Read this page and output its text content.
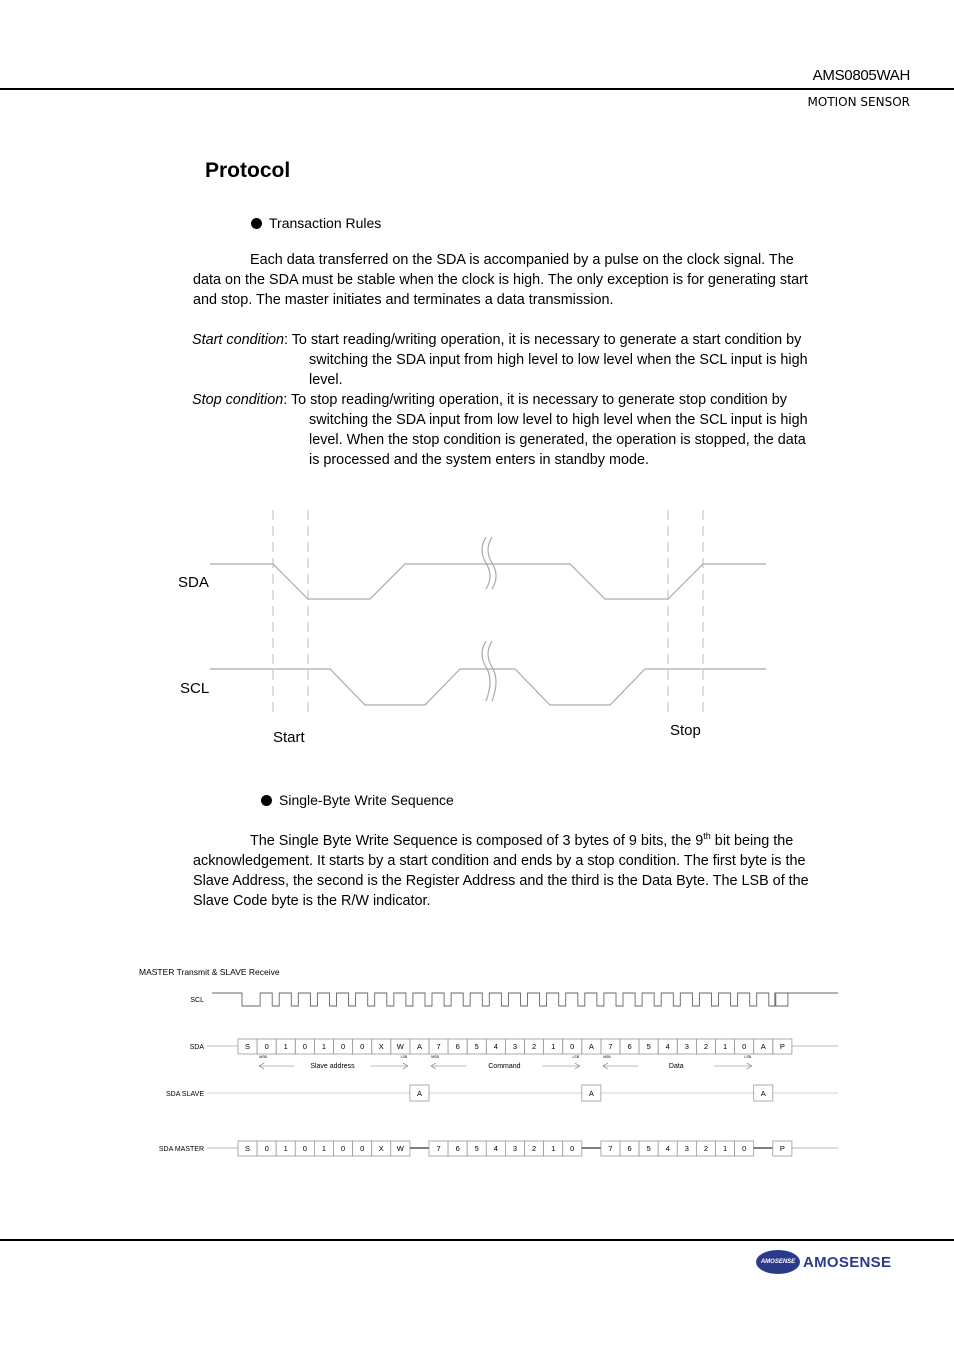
AMS0805WAH
MOTION SENSOR
Protocol
Transaction Rules

Each data transferred on the SDA is accompanied by a pulse on the clock signal. The

data on the SDA must be stable when the clock is high. The only exception is for generating start

and stop. The master initiates and terminates a data transmission.

Start condition: To start reading/writing operation, it is necessary to generate a start condition by
switching the SDA input from high level to low level when the SCL input is high
level.
Stop condition: To stop reading/writing operation, it is necessary to generate stop condition by
switching the SDA input from low level to high level when the SCL input is high
level. When the stop condition is generated, the operation is stopped, the data
is processed and the system enters in standby mode.
SDA
SCL
Start	Stop
Single-Byte Write Sequence

The Single Byte Write Sequence is composed of 3 bytes of 9 bits, the 9th bit being the

acknowledgement. It starts by a start condition and ends by a stop condition. The first byte is the

Slave Address, the second is the Register Address and the third is the Data Byte. The LSB of the

Slave Code byte is the R/W indicator.

MASTER Transmit & SLAVE Receive
SCL
SDA
SDA SLAVE
SDA MASTER
S 0 1 0 1 0 0 X W A 7 6 5 4 3 2 1 0 A 7 6 5 4 3 2 1 0 A P
MSB	LSB
Slave address
MSB	LSB
Command
MSB	LSB
Data
A	A	A
S 0 1 0 1 0 0 X W	7 6 5 4 3 2 1 0	7 6 5 4 3 2 1 0	P
AMOSENSE AMOSENSE
